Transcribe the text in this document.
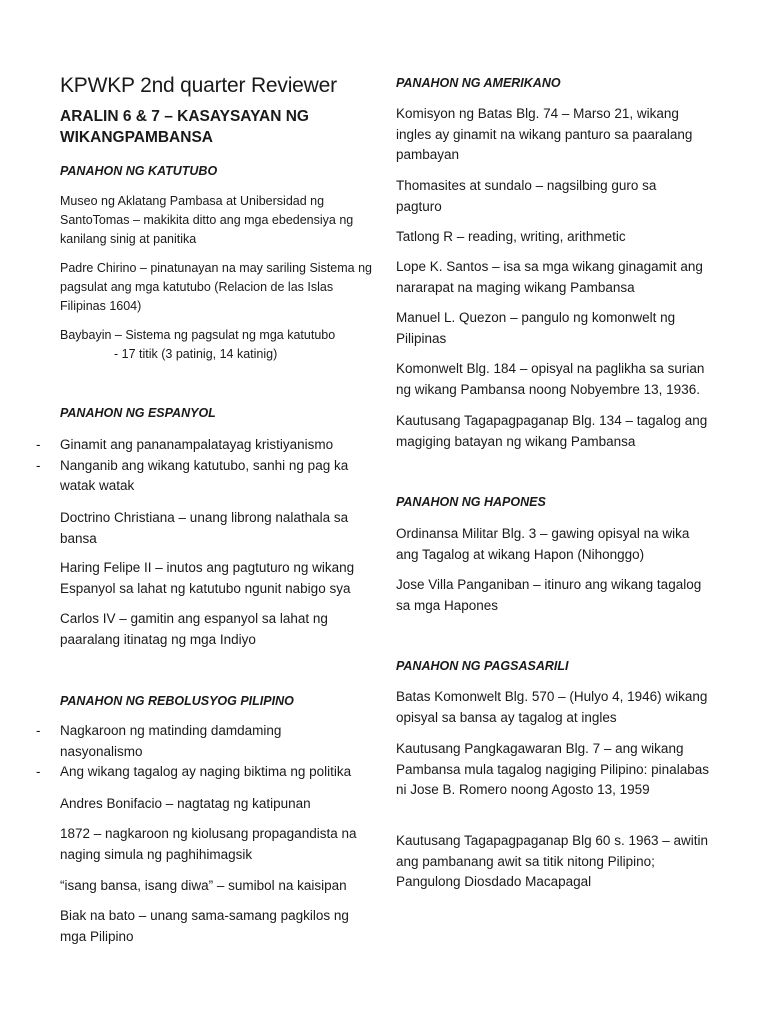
KPWKP 2nd quarter Reviewer
ARALIN 6 & 7 – KASAYSAYAN NG
WIKANGPAMBANSA
PANAHON NG KATUTUBO

Museo ng Aklatang Pambasa at Unibersidad ng SantoTomas – makikita ditto ang mga ebedensiya ng kanilang sinig at panitika

Padre Chirino – pinatunayan na may sariling Sistema ng pagsulat ang mga katutubo (Relacion de las Islas Filipinas 1604)

Baybayin – Sistema ng pagsulat ng mga katutubo
- 17 titik (3 patinig, 14 katinig)
PANAHON NG ESPANYOL
- Ginamit ang pananampalatayag kristiyanismo
- Nanganib ang wikang katutubo, sanhi ng pag ka watak watak

Doctrino Christiana – unang librong nalathala sa bansa

Haring Felipe II – inutos ang pagtuturo ng wikang Espanyol sa lahat ng katutubo ngunit nabigo sya

Carlos IV – gamitin ang espanyol sa lahat ng paaralang itinatag ng mga Indiyo

PANAHON NG REBOLUSYOG PILIPINO
- Nagkaroon ng matinding damdaming nasyonalismo
- Ang wikang tagalog ay naging biktima ng politika

Andres Bonifacio – nagtatag ng katipunan

1872 – nagkaroon ng kiolusang propagandista na naging simula ng paghihimagsik

“isang bansa, isang diwa” – sumibol na kaisipan

Biak na bato – unang sama-samang pagkilos ng mga Pilipino

PANAHON NG AMERIKANO

Komisyon ng Batas Blg. 74 – Marso 21, wikang ingles ay ginamit na wikang panturo sa paaralang pambayan

Thomasites at sundalo – nagsilbing guro sa pagturo

Tatlong R – reading, writing, arithmetic

Lope K. Santos – isa sa mga wikang ginagamit ang nararapat na maging wikang Pambansa

Manuel L. Quezon – pangulo ng komonwelt ng Pilipinas

Komonwelt Blg. 184 – opisyal na paglikha sa surian ng wikang Pambansa noong Nobyembre 13, 1936.

Kautusang Tagapagpaganap Blg. 134 – tagalog ang magiging batayan ng wikang Pambansa

PANAHON NG HAPONES

Ordinansa Militar Blg. 3 – gawing opisyal na wika ang Tagalog at wikang Hapon (Nihonggo)

Jose Villa Panganiban – itinuro ang wikang tagalog sa mga Hapones

PANAHON NG PAGSASARILI

Batas Komonwelt Blg. 570 – (Hulyo 4, 1946) wikang opisyal sa bansa ay tagalog at ingles

Kautusang Pangkagawaran Blg. 7 – ang wikang Pambansa mula tagalog nagiging Pilipino: pinalabas ni Jose B. Romero noong Agosto 13, 1959

Kautusang Tagapagpaganap Blg 60 s. 1963 – awitin ang pambanang awit sa titik nitong Pilipino; Pangulong Diosdado Macapagal
